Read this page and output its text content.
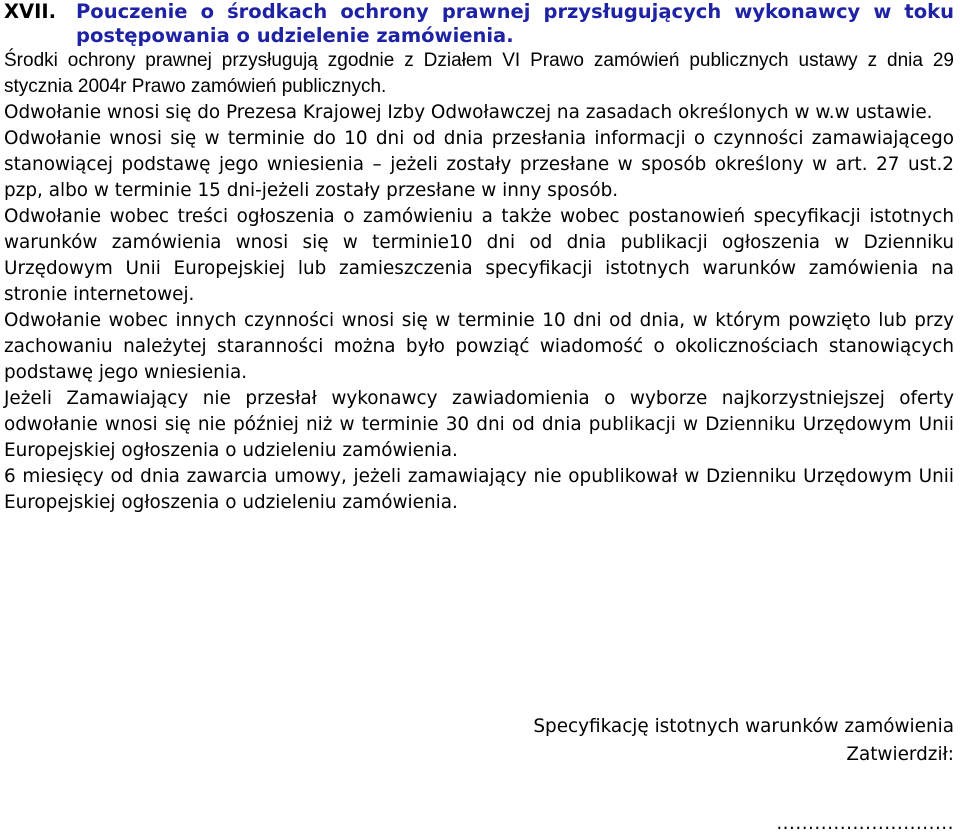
XVII.	Pouczenie o środkach ochrony prawnej przysługujących wykonawcy w toku postępowania o udzielenie zamówienia.

Środki ochrony prawnej przysługują zgodnie z Działem VI Prawo zamówień publicznych ustawy z dnia 29 stycznia 2004r Prawo zamówień publicznych.

Odwołanie wnosi się do Prezesa Krajowej Izby Odwoławczej na zasadach określonych w w.w ustawie.

Odwołanie wnosi się w terminie do 10 dni od dnia przesłania informacji o czynności zamawiającego stanowiącej podstawę jego wniesienia – jeżeli zostały przesłane w sposób określony w art. 27 ust.2 pzp, albo w terminie 15 dni-jeżeli zostały przesłane w inny sposób.

Odwołanie wobec treści ogłoszenia o zamówieniu a także wobec postanowień specyfikacji istotnych warunków zamówienia wnosi się w terminie10 dni od dnia publikacji ogłoszenia w Dzienniku Urzędowym Unii Europejskiej lub zamieszczenia specyfikacji istotnych warunków zamówienia na stronie internetowej.

Odwołanie wobec innych czynności wnosi się w terminie 10 dni od dnia, w którym powzięto lub przy zachowaniu należytej staranności można było powziąć wiadomość o okolicznościach stanowiących podstawę jego wniesienia.

Jeżeli Zamawiający nie przesłał wykonawcy zawiadomienia o wyborze najkorzystniejszej oferty odwołanie wnosi się nie później niż w terminie 30 dni od dnia publikacji w Dzienniku Urzędowym Unii Europejskiej ogłoszenia o udzieleniu zamówienia.

6 miesięcy od dnia zawarcia umowy, jeżeli zamawiający nie opublikował w Dzienniku Urzędowym Unii Europejskiej ogłoszenia o udzieleniu zamówienia.

Specyfikację istotnych warunków zamówienia
Zatwierdził:
............................
